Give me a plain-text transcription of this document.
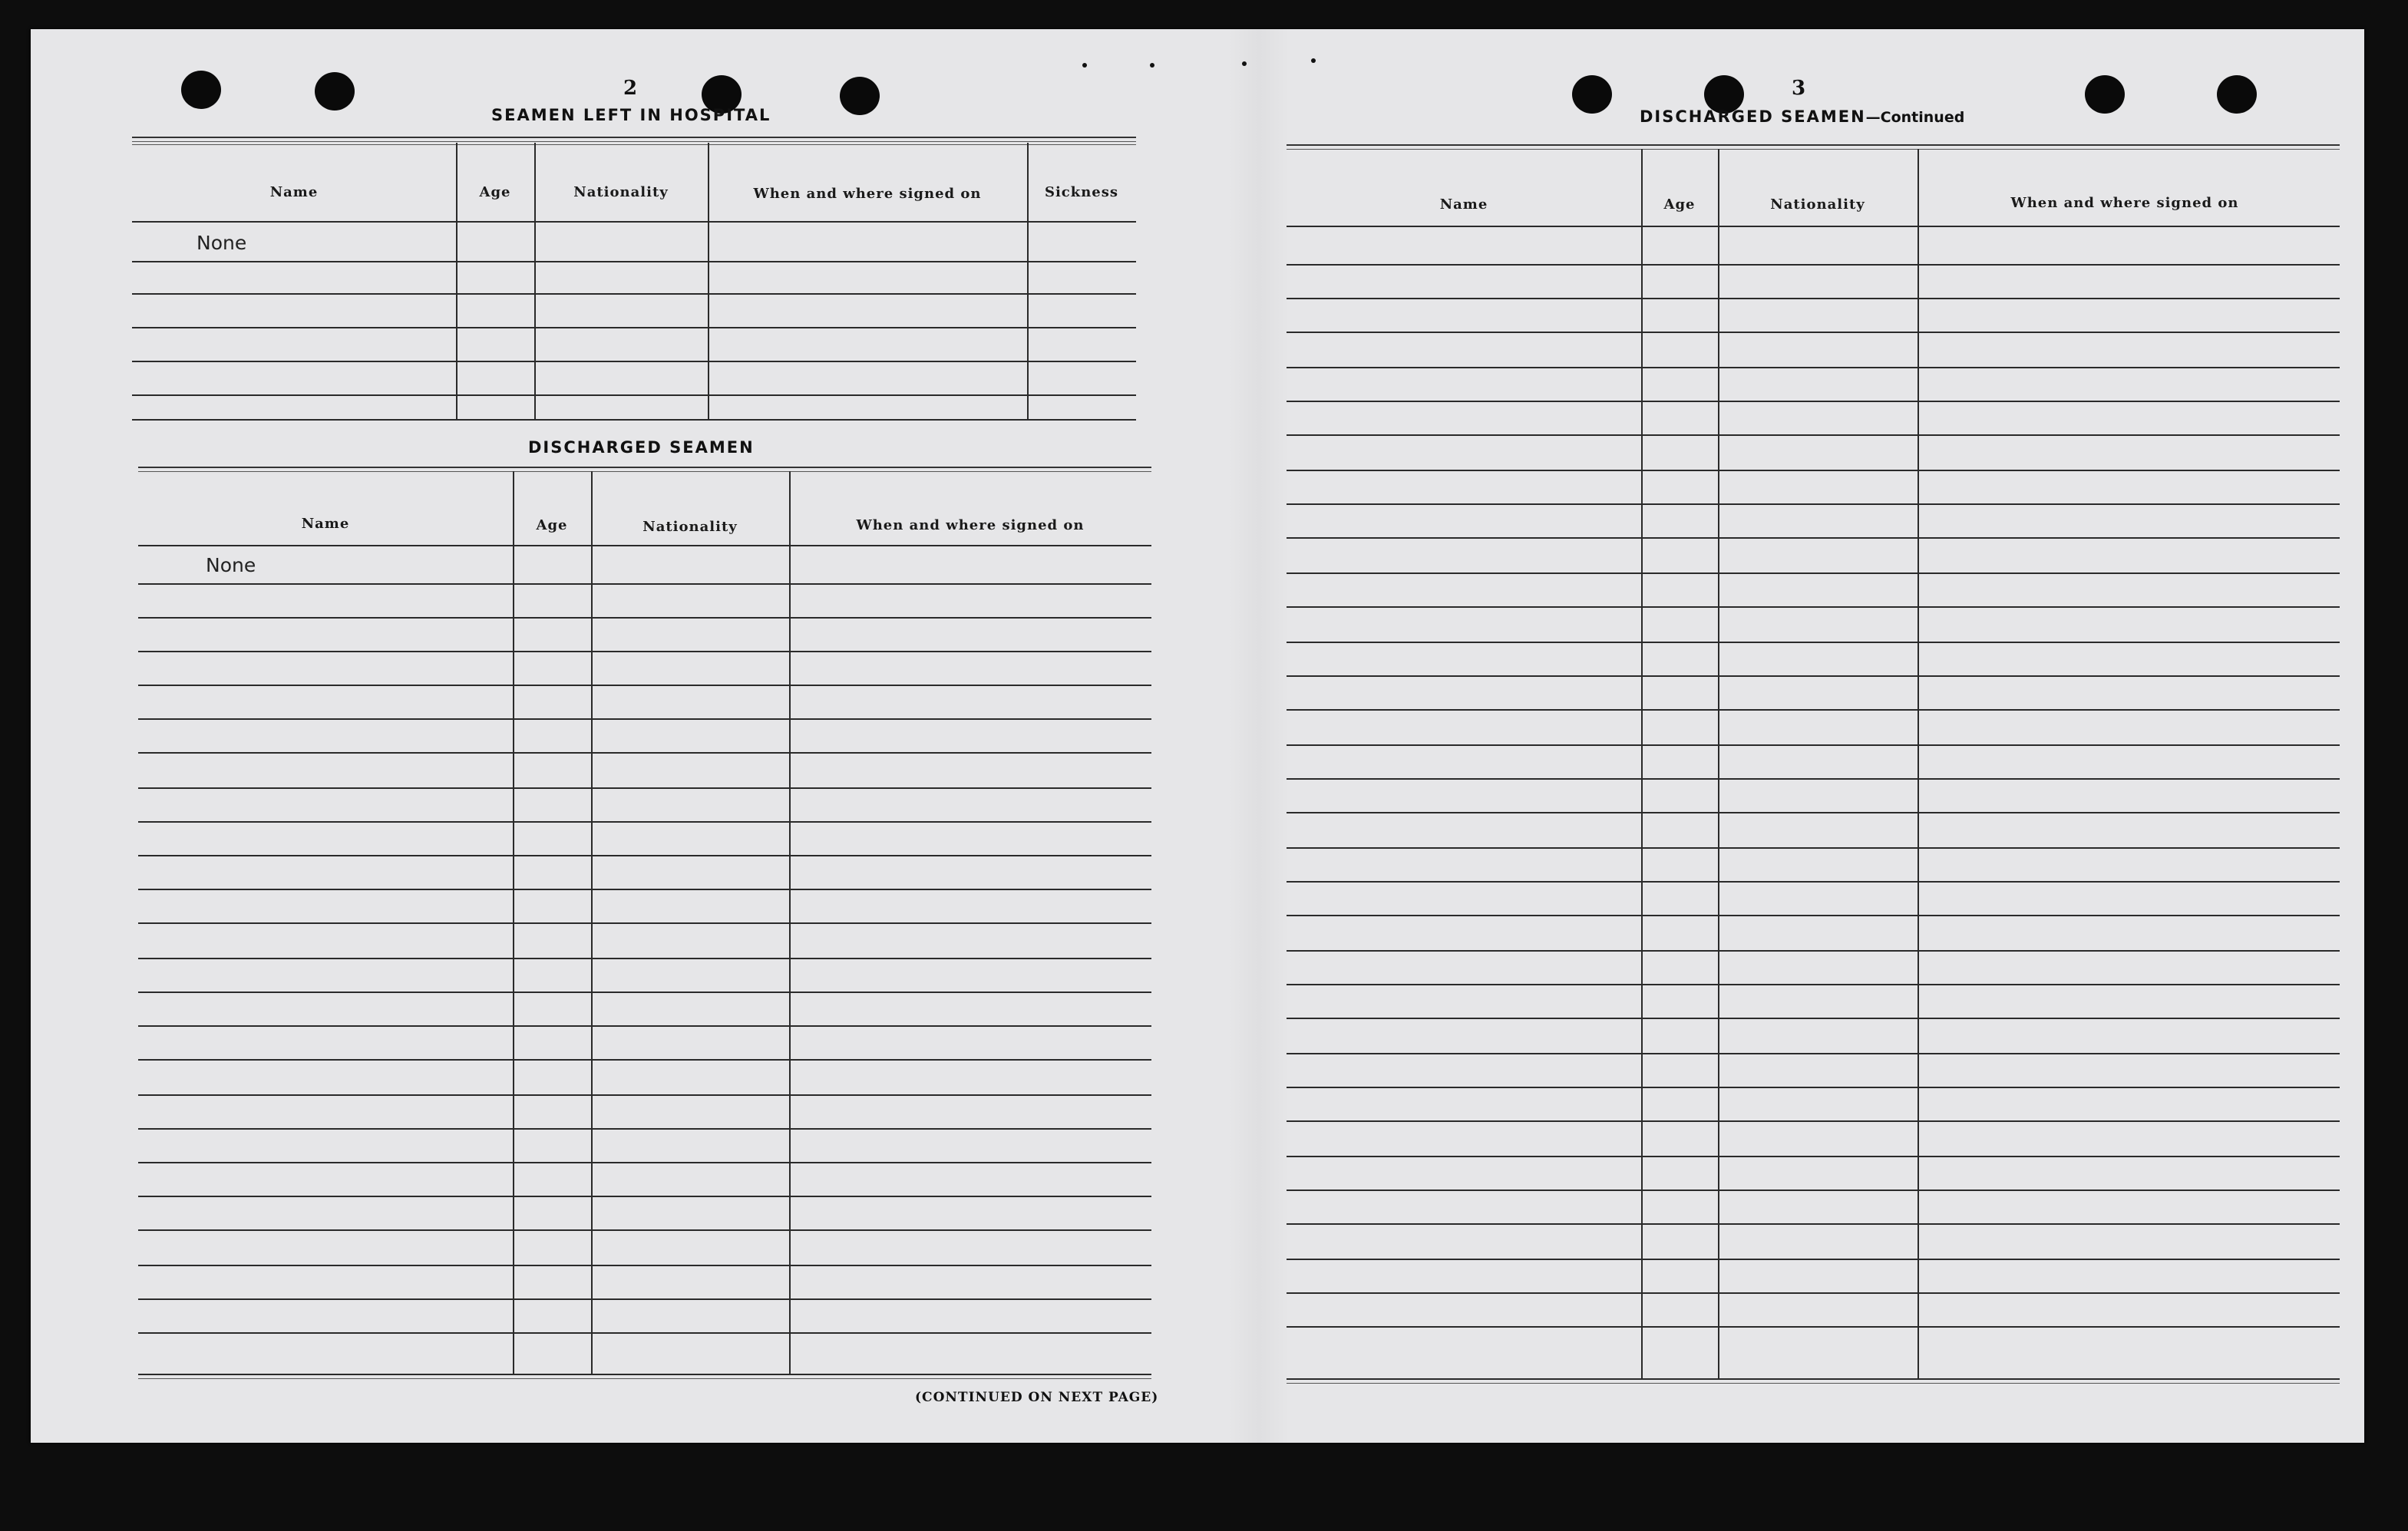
2
SEAMEN LEFT IN HOSPITAL
Name	Age	Nationality	When and where signed on	Sickness
None
DISCHARGED SEAMEN
Name	Age	Nationality	When and where signed on
None
(CONTINUED ON NEXT PAGE)
3
DISCHARGED SEAMEN—Continued
Name	Age	Nationality	When and where signed on
